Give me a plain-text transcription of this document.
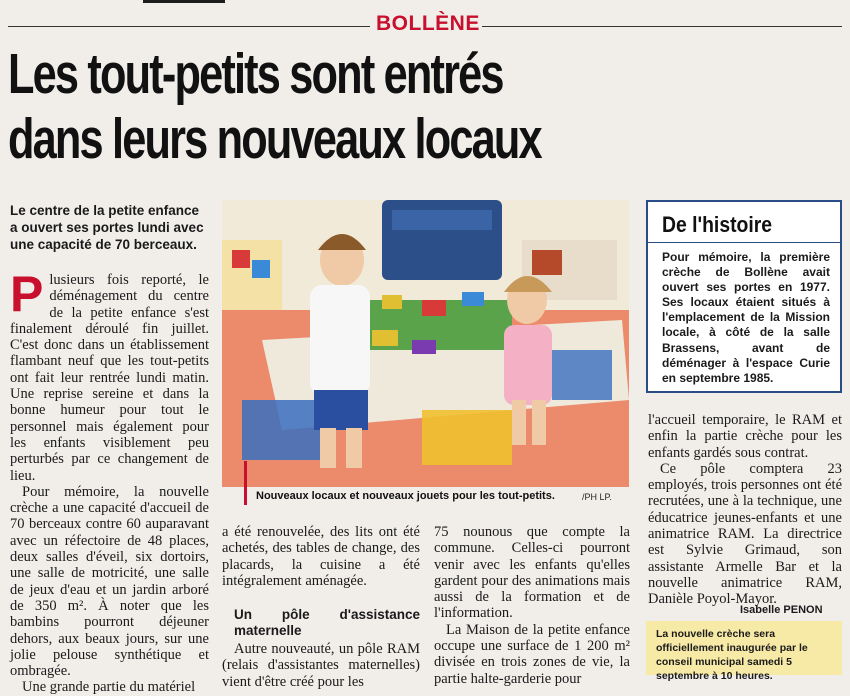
BOLLÈNE
Les tout-petits sont entrés
dans leurs nouveaux locaux
Le centre de la petite enfance a ouvert ses portes lundi avec une capacité de 70 berceaux.

Plusieurs fois reporté, le déménagement du centre de la petite enfance s'est finalement déroulé fin juillet. C'est donc dans un établissement flambant neuf que les tout-petits ont fait leur rentrée lundi matin. Une reprise sereine et dans la bonne humeur pour tout le personnel mais également pour les enfants visiblement peu perturbés par ce changement de lieu.

Pour mémoire, la nouvelle crèche a une capacité d'accueil de 70 berceaux contre 60 auparavant avec un réfectoire de 48 places, deux salles d'éveil, six dortoirs, une salle de motricité, une salle de jeux d'eau et un jardin arboré de 350 m². À noter que les bambins pourront déjeuner dehors, aux beaux jours, sur une jolie pelouse synthétique et ombragée.

Une grande partie du matériel

Nouveaux locaux et nouveaux jouets pour les tout-petits.	/PH LP.

a été renouvelée, des lits ont été achetés, des tables de change, des placards, la cuisine a été intégralement aménagée.

Un pôle d'assistance maternelle

Autre nouveauté, un pôle RAM (relais d'assistantes maternelles) vient d'être créé pour les

75 nounous que compte la commune. Celles-ci pourront venir avec les enfants qu'elles gardent pour des animations mais aussi de la formation et de l'information.

La Maison de la petite enfance occupe une surface de 1 200 m² divisée en trois zones de vie, la partie halte-garderie pour

De l'histoire
Pour mémoire, la première crèche de Bollène avait ouvert ses portes en 1977. Ses locaux étaient situés à l'emplacement de la Mission locale, à côté de la salle Brassens, avant de déménager à l'espace Curie en septembre 1985.

l'accueil temporaire, le RAM et enfin la partie crèche pour les enfants gardés sous contrat.

Ce pôle comptera 23 employés, trois personnes ont été recrutées, une à la technique, une éducatrice jeunes-enfants et une animatrice RAM. La directrice est Sylvie Grimaud, son assistante Armelle Bar et la nouvelle animatrice RAM, Danièle Poyol-Mayor.

Isabelle PENON
La nouvelle crèche sera officiellement inaugurée par le conseil municipal samedi 5 septembre à 10 heures.
